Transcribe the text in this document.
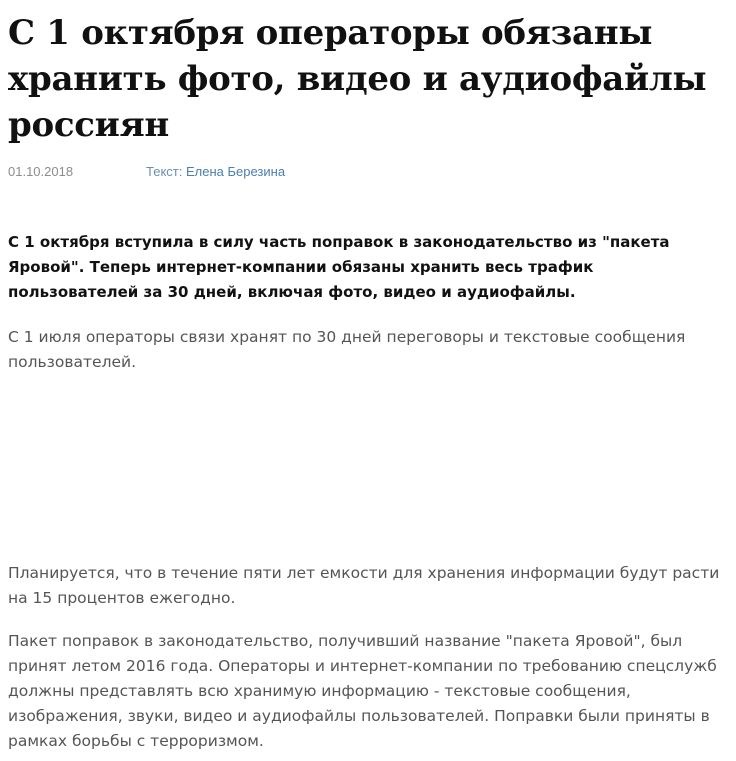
С 1 октября операторы обязаны хранить фото, видео и аудиофайлы россиян
01.10.2018	Текст: Елена Березина

С 1 октября вступила в силу часть поправок в законодательство из "пакета Яровой". Теперь интернет-компании обязаны хранить весь трафик пользователей за 30 дней, включая фото, видео и аудиофайлы.

С 1 июля операторы связи хранят по 30 дней переговоры и текстовые сообщения пользователей.

Планируется, что в течение пяти лет емкости для хранения информации будут расти на 15 процентов ежегодно.

Пакет поправок в законодательство, получивший название "пакета Яровой", был принят летом 2016 года. Операторы и интернет-компании по требованию спецслужб должны представлять всю хранимую информацию - текстовые сообщения, изображения, звуки, видео и аудиофайлы пользователей. Поправки были приняты в рамках борьбы с терроризмом.
